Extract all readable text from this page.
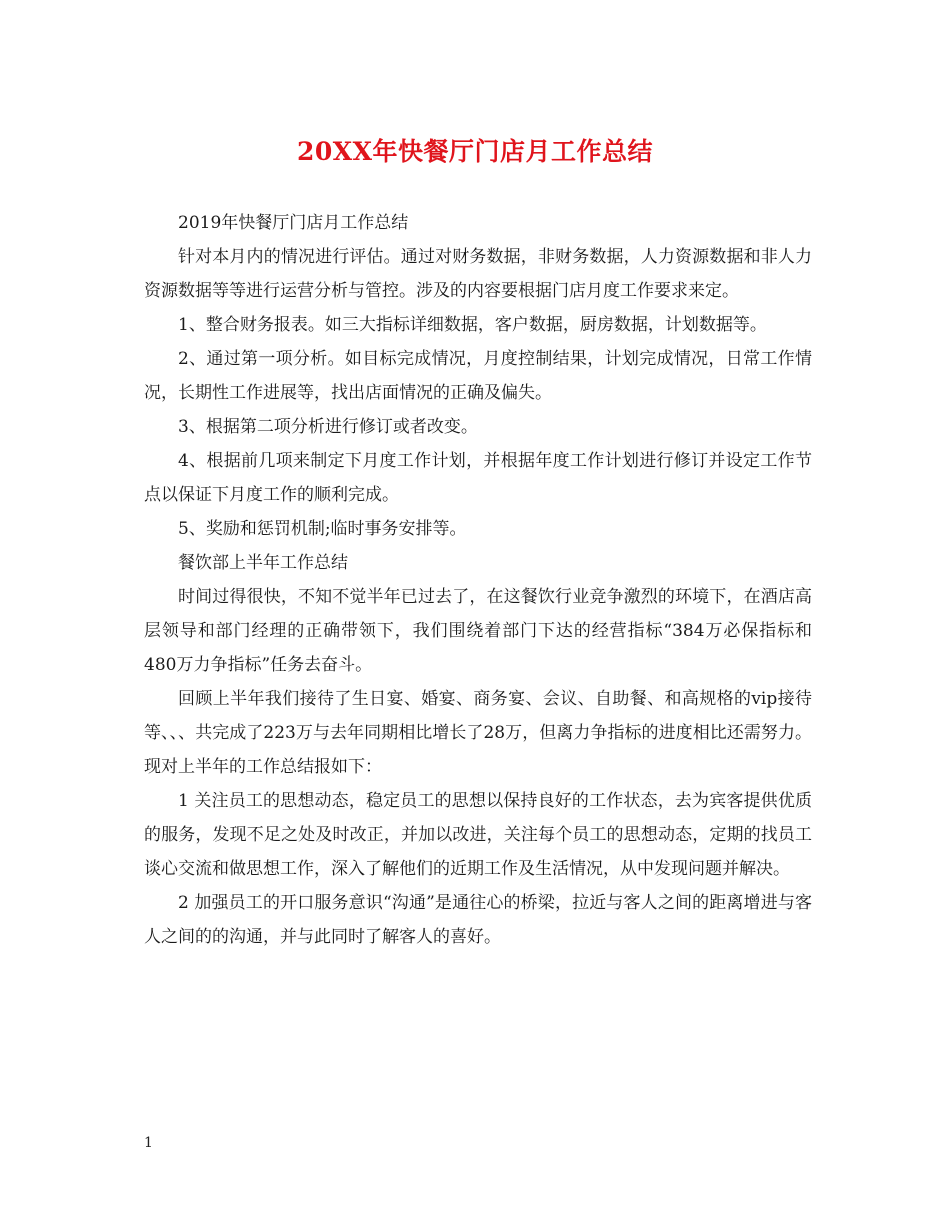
20XX年快餐厅门店月工作总结

2019年快餐厅门店月工作总结

针对本月内的情况进行评估。通过对财务数据，非财务数据，人力资源数据和非人力资源数据等等进行运营分析与管控。涉及的内容要根据门店月度工作要求来定。

1、整合财务报表。如三大指标详细数据，客户数据，厨房数据，计划数据等。

2、通过第一项分析。如目标完成情况，月度控制结果，计划完成情况，日常工作情况，长期性工作进展等，找出店面情况的正确及偏失。

3、根据第二项分析进行修订或者改变。

4、根据前几项来制定下月度工作计划，并根据年度工作计划进行修订并设定工作节点以保证下月度工作的顺利完成。

5、奖励和惩罚机制;临时事务安排等。

餐饮部上半年工作总结

时间过得很快，不知不觉半年已过去了，在这餐饮行业竞争激烈的环境下，在酒店高层领导和部门经理的正确带领下，我们围绕着部门下达的经营指标“384万必保指标和480万力争指标”任务去奋斗。

回顾上半年我们接待了生日宴、婚宴、商务宴、会议、自助餐、和高规格的vip接待等、、、共完成了223万与去年同期相比增长了28万，但离力争指标的进度相比还需努力。现对上半年的工作总结报如下：

1 关注员工的思想动态，稳定员工的思想以保持良好的工作状态，去为宾客提供优质的服务，发现不足之处及时改正，并加以改进，关注每个员工的思想动态，定期的找员工谈心交流和做思想工作，深入了解他们的近期工作及生活情况，从中发现问题并解决。

2 加强员工的开口服务意识“沟通”是通往心的桥梁，拉近与客人之间的距离增进与客人之间的的沟通，并与此同时了解客人的喜好。

1
